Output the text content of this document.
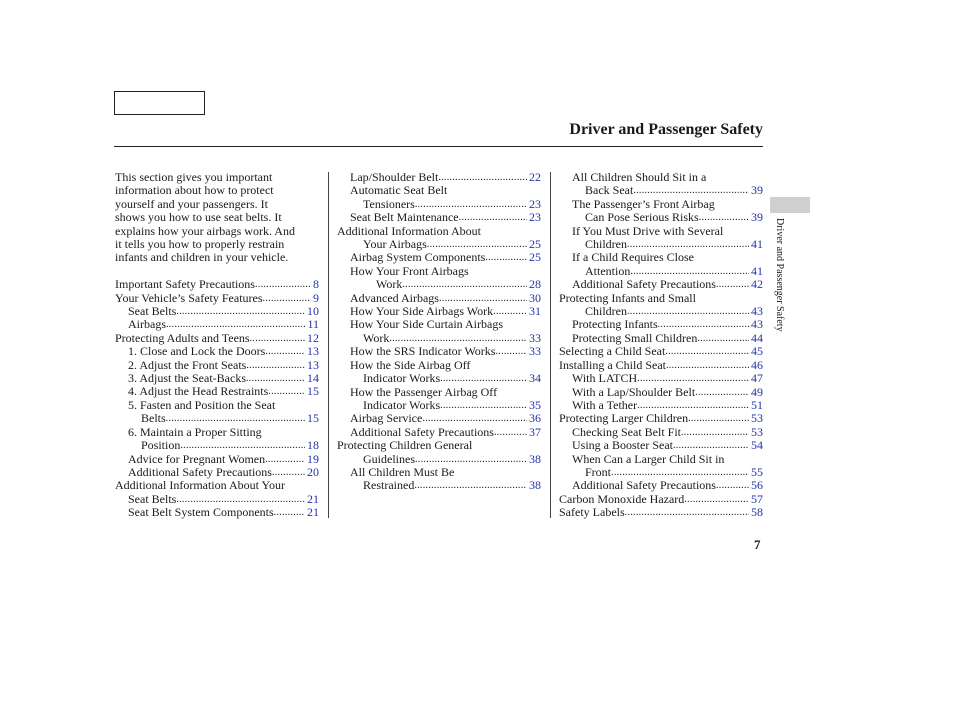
Driver and Passenger Safety
Driver and Passenger Safety
7
This section gives you important
information about how to protect
yourself and your passengers. It
shows you how to use seat belts. It
explains how your airbags work. And
it tells you how to properly restrain
infants and children in your vehicle.
Important Safety Precautions .....	8
Your Vehicle’s Safety Features .....	9
Seat Belts .....	10
Airbags .....	11
Protecting Adults and Teens .....	12
1. Close and Lock the Doors .....	13
2. Adjust the Front Seats .....	13
3. Adjust the Seat-Backs .....	14
4. Adjust the Head Restraints .....	15
5. Fasten and Position the Seat
Belts .....	15
6. Maintain a Proper Sitting
Position .....	18
Advice for Pregnant Women .....	19
Additional Safety Precautions .....	20
Additional Information About Your
Seat Belts .....	21
Seat Belt System Components .....	21
Lap/Shoulder Belt .....	22
Automatic Seat Belt
Tensioners .....	23
Seat Belt Maintenance .....	23
Additional Information About
Your Airbags .....	25
Airbag System Components .....	25
How Your Front Airbags
Work .....	28
Advanced Airbags .....	30
How Your Side Airbags Work .....	31
How Your Side Curtain Airbags
Work .....	33
How the SRS Indicator Works .....	33
How the Side Airbag Off
Indicator Works .....	34
How the Passenger Airbag Off
Indicator Works .....	35
Airbag Service .....	36
Additional Safety Precautions .....	37
Protecting Children General
Guidelines .....	38
All Children Must Be
Restrained .....	38
All Children Should Sit in a
Back Seat .....	39
The Passenger’s Front Airbag
Can Pose Serious Risks .....	39
If You Must Drive with Several
Children .....	41
If a Child Requires Close
Attention .....	41
Additional Safety Precautions .....	42
Protecting Infants and Small
Children .....	43
Protecting Infants .....	43
Protecting Small Children .....	44
Selecting a Child Seat .....	45
Installing a Child Seat .....	46
With LATCH .....	47
With a Lap/Shoulder Belt .....	49
With a Tether .....	51
Protecting Larger Children .....	53
Checking Seat Belt Fit .....	53
Using a Booster Seat .....	54
When Can a Larger Child Sit in
Front .....	55
Additional Safety Precautions .....	56
Carbon Monoxide Hazard .....	57
Safety Labels .....	58
